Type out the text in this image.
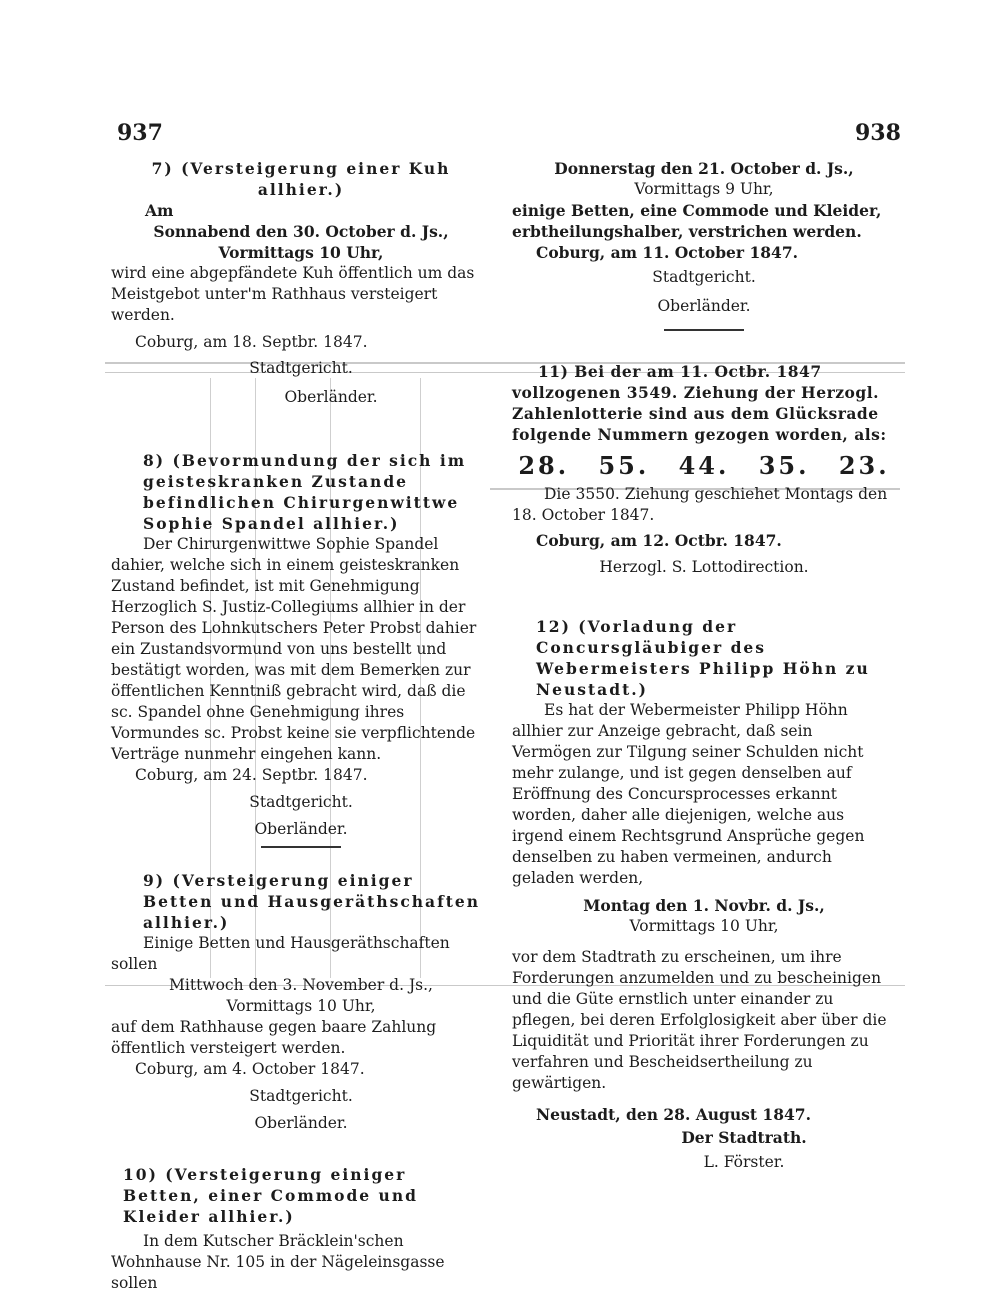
937	938

7) (Versteigerung einer Kuh allhier.)

Am

Sonnabend den 30. October d. Js.,

Vormittags 10 Uhr,

wird eine abgepfändete Kuh öffentlich um das Meistgebot unter'm Rathhaus versteigert werden.

Coburg, am 18. Septbr. 1847.

Stadtgericht.

Oberländer.

8) (Bevormundung der sich im geisteskranken Zustande befindlichen Chirurgenwittwe Sophie Spandel allhier.)

Der Chirurgenwittwe Sophie Spandel dahier, welche sich in einem geisteskranken Zustand befindet, ist mit Genehmigung Herzoglich S. Justiz-Collegiums allhier in der Person des Lohnkutschers Peter Probst dahier ein Zustandsvormund von uns bestellt und bestätigt worden, was mit dem Bemerken zur öffentlichen Kenntniß gebracht wird, daß die sc. Spandel ohne Genehmigung ihres Vormundes sc. Probst keine sie verpflichtende Verträge nunmehr eingehen kann.

Coburg, am 24. Septbr. 1847.

Stadtgericht.

Oberländer.

9) (Versteigerung einiger Betten und Hausgeräthschaften allhier.)

Einige Betten und Hausgeräthschaften sollen

Mittwoch den 3. November d. Js.,

Vormittags 10 Uhr,

auf dem Rathhause gegen baare Zahlung öffentlich versteigert werden.

Coburg, am 4. October 1847.

Stadtgericht.

Oberländer.

10) (Versteigerung einiger Betten, einer Commode und Kleider allhier.)

In dem Kutscher Bräcklein'schen Wohnhause Nr. 105 in der Nägeleinsgasse sollen

Donnerstag den 21. October d. Js.,

Vormittags 9 Uhr,

einige Betten, eine Commode und Kleider, erbtheilungshalber, verstrichen werden.

Coburg, am 11. October 1847.

Stadtgericht.

Oberländer.

11) Bei der am 11. Octbr. 1847 vollzogenen 3549. Ziehung der Herzogl. Zahlenlotterie sind aus dem Glücksrade folgende Nummern gezogen worden, als:

28. 55. 44. 35. 23.

Die 3550. Ziehung geschiehet Montags den 18. October 1847.

Coburg, am 12. Octbr. 1847.

Herzogl. S. Lottodirection.

12) (Vorladung der Concursgläubiger des Webermeisters Philipp Höhn zu Neustadt.)

Es hat der Webermeister Philipp Höhn allhier zur Anzeige gebracht, daß sein Vermögen zur Tilgung seiner Schulden nicht mehr zulange, und ist gegen denselben auf Eröffnung des Concursprocesses erkannt worden, daher alle diejenigen, welche aus irgend einem Rechtsgrund Ansprüche gegen denselben zu haben vermeinen, andurch geladen werden,

Montag den 1. Novbr. d. Js.,

Vormittags 10 Uhr,

vor dem Stadtrath zu erscheinen, um ihre Forderungen anzumelden und zu bescheinigen und die Güte ernstlich unter einander zu pflegen, bei deren Erfolglosigkeit aber über die Liquidität und Priorität ihrer Forderungen zu verfahren und Bescheidsertheilung zu gewärtigen.

Neustadt, den 28. August 1847.

Der Stadtrath.

L. Förster.
